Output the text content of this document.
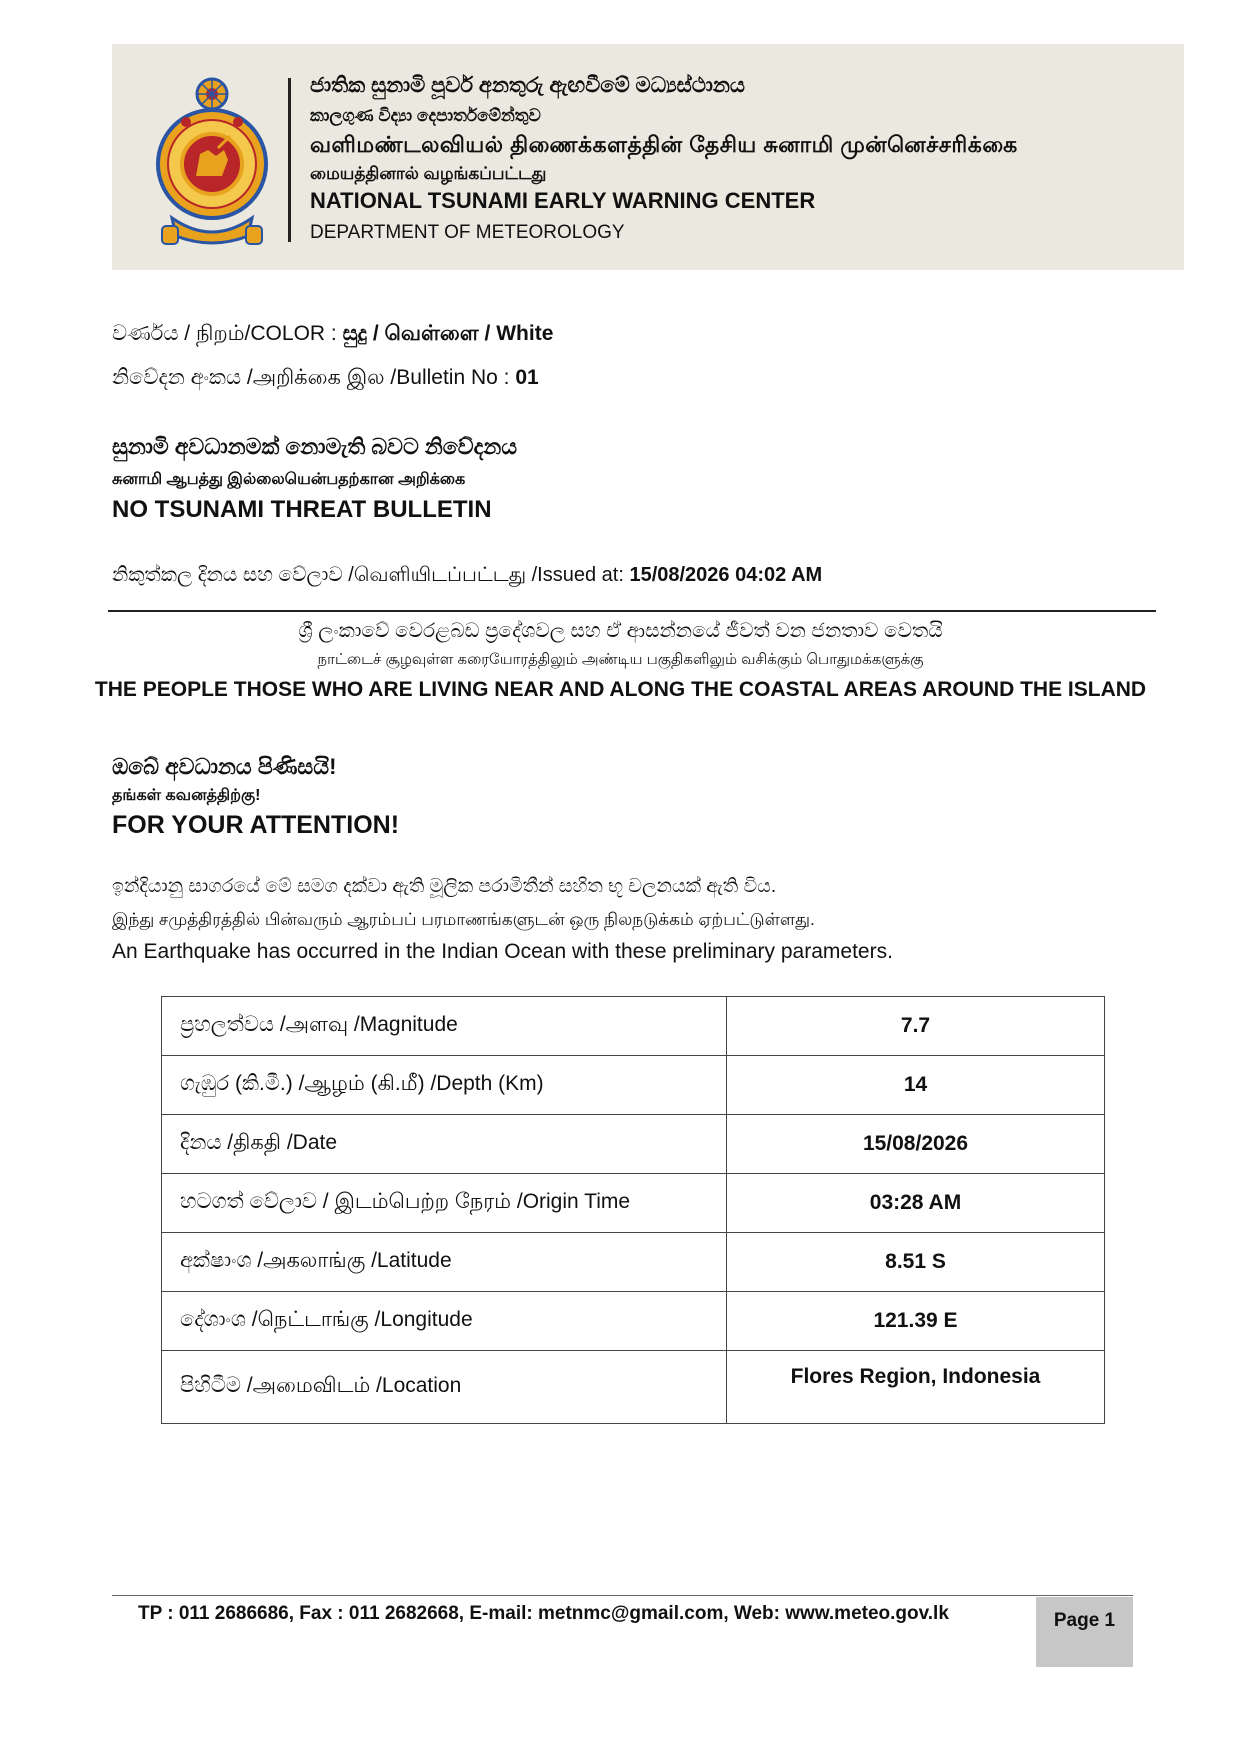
ජාතික සුනාමි පූර්ව අනතුරු ඇඟවීමේ මධ්‍යස්ථානය
කාලගුණ විද්‍යා දෙපාර්තමේන්තුව
வளிமண்டலவியல் திணைக்களத்தின் தேசிய சுனாமி முன்னெச்சரிக்கை
மையத்தினால் வழங்கப்பட்டது
NATIONAL TSUNAMI EARLY WARNING CENTER
DEPARTMENT OF METEOROLOGY
වර්ණය / நிறம்/COLOR : සුදු / வெள்ளை / White
නිවේදන අංකය /அறிக்கை இல /Bulletin No : 01
සුනාමි අවධානමක් නොමැති බවට නිවේදනය
சுனாமி ஆபத்து இல்லையென்பதற்கான அறிக்கை
NO TSUNAMI THREAT BULLETIN
නිකුත්කල දිනය සහ වේලාව /வெளியிடப்பட்டது /Issued at: 15/08/2026 04:02 AM
ශ්‍රී ලංකාවේ වෙරළබඩ ප්‍රදේශවල සහ ඒ ආසන්නයේ ජීවත් වන ජනතාව වෙතයි
நாட்டைச் சூழவுள்ள கரையோரத்திலும் அண்டிய பகுதிகளிலும் வசிக்கும் பொதுமக்களுக்கு
THE PEOPLE THOSE WHO ARE LIVING NEAR AND ALONG THE COASTAL AREAS AROUND THE ISLAND
ඔබේ අවධානය පිණිසයි!
தங்கள் கவனத்திற்கு!
FOR YOUR ATTENTION!
ඉන්දියානු සාගරයේ මේ සමග දක්වා ඇති මූලික පරාමිතීන් සහිත භූ චලනයක් ඇති විය.
இந்து சமுத்திரத்தில் பின்வரும் ஆரம்பப் பரமாணங்களுடன் ஒரு நிலநடுக்கம் ஏற்பட்டுள்ளது.
An Earthquake has occurred in the Indian Ocean with these preliminary parameters.
ප්‍රහලත්වය /அளவு /Magnitude	7.7
ගැඹුර (කි.මී.) /ஆழம் (கி.மீ) /Depth (Km)	14
දිනය /திகதி /Date	15/08/2026
හටගත් වේලාව / இடம்பெற்ற நேரம் /Origin Time	03:28 AM
අක්ෂාංශ /அகலாங்கு /Latitude	8.51 S
දේශාංශ /நெட்டாங்கு /Longitude	121.39 E
පිහිටීම /அமைவிடம் /Location	Flores Region, Indonesia
Page 1
TP : 011 2686686, Fax : 011 2682668, E-mail: metnmc@gmail.com, Web: www.meteo.gov.lk
